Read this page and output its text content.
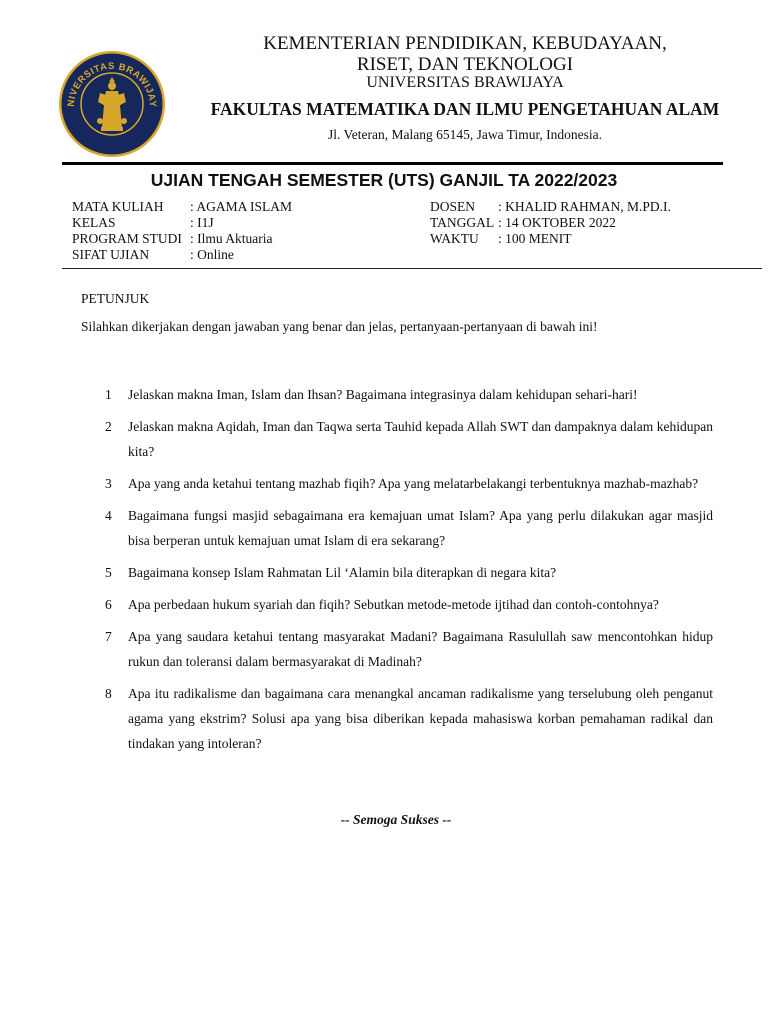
NIVERSITAS BRAWIJAY
KEMENTERIAN PENDIDIKAN, KEBUDAYAAN,
RISET, DAN TEKNOLOGI
UNIVERSITAS BRAWIJAYA
FAKULTAS MATEMATIKA DAN ILMU PENGETAHUAN ALAM
Jl. Veteran, Malang 65145, Jawa Timur, Indonesia.
UJIAN TENGAH SEMESTER (UTS) GANJIL TA 2022/2023
MATA KULIAH	: AGAMA ISLAM
KELAS	: I1J
PROGRAM STUDI : Ilmu Aktuaria
SIFAT UJIAN	: Online
DOSEN	: KHALID RAHMAN, M.PD.I.
TANGGAL : 14 OKTOBER 2022
WAKTU	: 100 MENIT
PETUNJUK
Silahkan dikerjakan dengan jawaban yang benar dan jelas, pertanyaan-pertanyaan di bawah ini!
1	Jelaskan makna Iman, Islam dan Ihsan? Bagaimana integrasinya dalam kehidupan sehari-hari!
2	Jelaskan makna Aqidah, Iman dan Taqwa serta Tauhid kepada Allah SWT dan dampaknya dalam kehidupan kita?
3	Apa yang anda ketahui tentang mazhab fiqih? Apa yang melatarbelakangi terbentuknya mazhab-mazhab?
4	Bagaimana fungsi masjid sebagaimana era kemajuan umat Islam? Apa yang perlu dilakukan agar masjid bisa berperan untuk kemajuan umat Islam di era sekarang?
5	Bagaimana konsep Islam Rahmatan Lil ‘Alamin bila diterapkan di negara kita?
6	Apa perbedaan hukum syariah dan fiqih? Sebutkan metode-metode ijtihad dan contoh-contohnya?
7	Apa yang saudara ketahui tentang masyarakat Madani? Bagaimana Rasulullah saw mencontohkan hidup rukun dan toleransi dalam bermasyarakat di Madinah?
8	Apa itu radikalisme dan bagaimana cara menangkal ancaman radikalisme yang terselubung oleh penganut agama yang ekstrim? Solusi apa yang bisa diberikan kepada mahasiswa korban pemahaman radikal dan tindakan yang intoleran?
-- Semoga Sukses --
